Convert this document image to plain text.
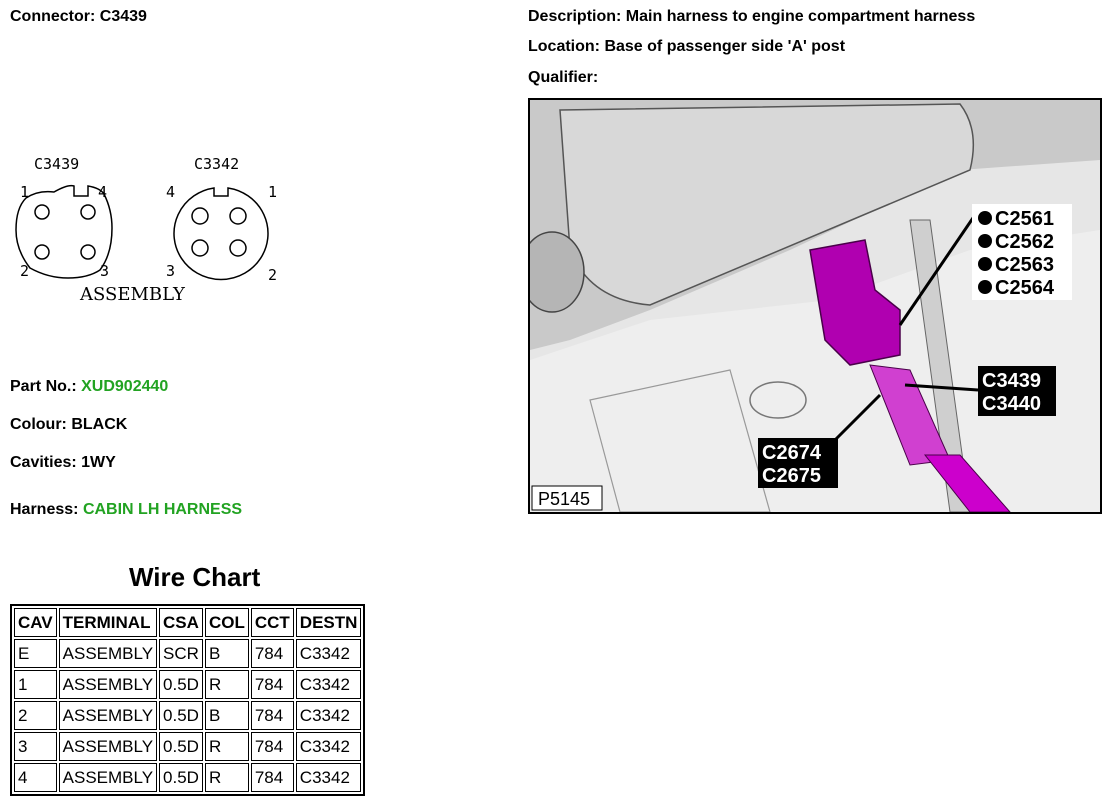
Connector: C3439	Description: Main harness to engine compartment harness
Location: Base of passenger side 'A' post
Qualifier:
C3439
1	4
2	3
C3342
4	1
3	2
ASSEMBLY
Part No.: XUD902440
Colour: BLACK
Cavities: 1WY
Harness: CABIN LH HARNESS
C2561
C2562
C2563
C2564
C3439
C3440
C2674
C2675
P5145
Wire Chart
CAV	TERMINAL	CSA	COL	CCT	DESTN
E	ASSEMBLY	SCR	B	784	C3342
1	ASSEMBLY	0.5D	R	784	C3342
2	ASSEMBLY	0.5D	B	784	C3342
3	ASSEMBLY	0.5D	R	784	C3342
4	ASSEMBLY	0.5D	R	784	C3342
